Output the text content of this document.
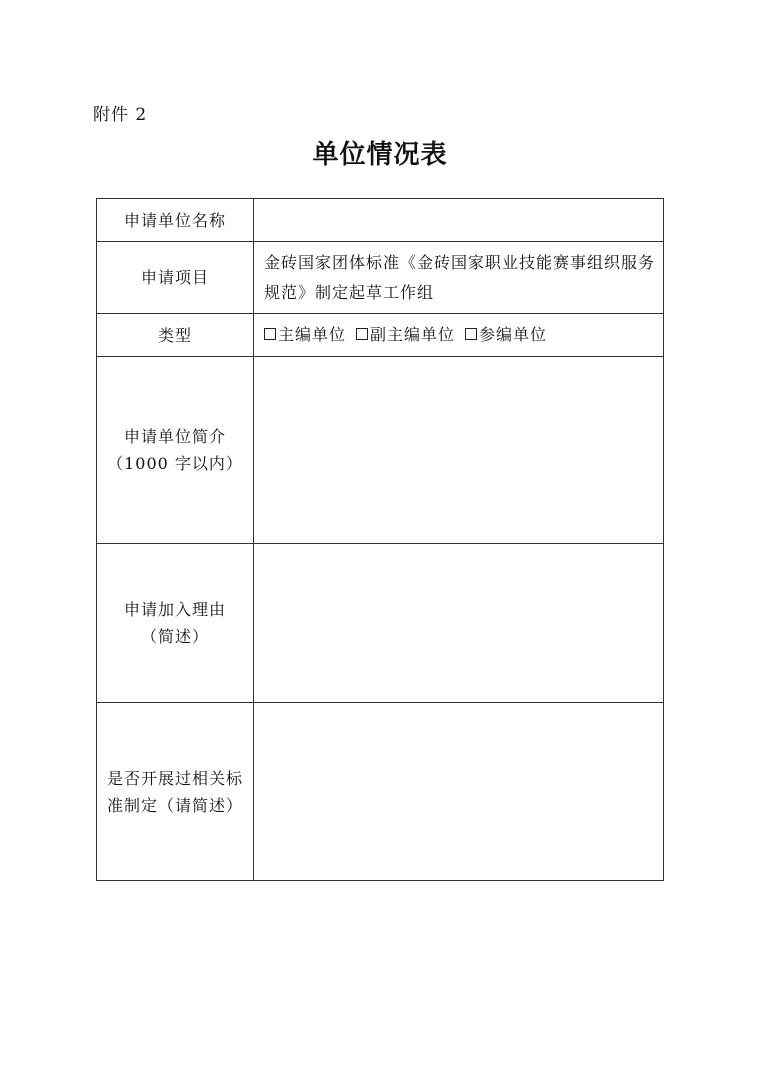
附件 2
单位情况表
申请单位名称	
申请项目	金砖国家团体标准《金砖国家职业技能赛事组织服务规范》制定起草工作组
类型	主编单位 副主编单位 参编单位

申请单位简介
（1000 字以内）	

申请加入理由
（简述）	

是否开展过相关标准制定（请简述）	
